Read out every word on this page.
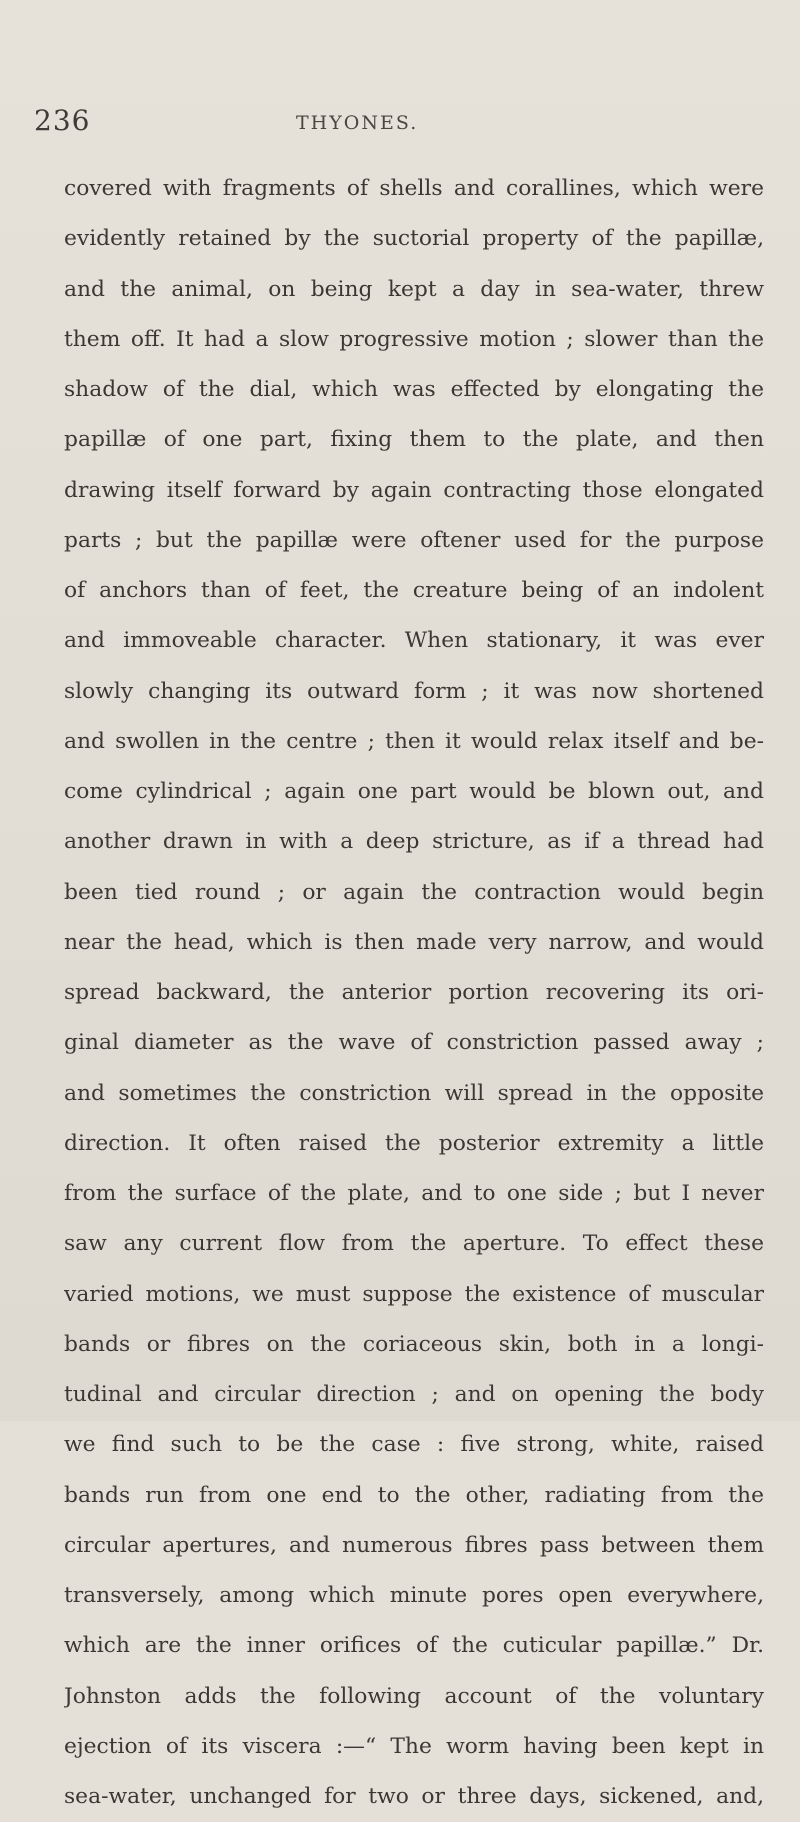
236	THYONES.
covered with fragments of shells and corallines, which were
evidently retained by the suctorial property of the papillæ,
and the animal, on being kept a day in sea-water, threw
them off. It had a slow progressive motion ; slower than the
shadow of the dial, which was effected by elongating the
papillæ of one part, fixing them to the plate, and then
drawing itself forward by again contracting those elongated
parts ; but the papillæ were oftener used for the purpose
of anchors than of feet, the creature being of an indolent
and immoveable character. When stationary, it was ever
slowly changing its outward form ; it was now shortened
and swollen in the centre ; then it would relax itself and be-
come cylindrical ; again one part would be blown out, and
another drawn in with a deep stricture, as if a thread had
been tied round ; or again the contraction would begin
near the head, which is then made very narrow, and would
spread backward, the anterior portion recovering its ori-
ginal diameter as the wave of constriction passed away ;
and sometimes the constriction will spread in the opposite
direction. It often raised the posterior extremity a little
from the surface of the plate, and to one side ; but I never
saw any current flow from the aperture. To effect these
varied motions, we must suppose the existence of muscular
bands or fibres on the coriaceous skin, both in a longi-
tudinal and circular direction ; and on opening the body
we find such to be the case : five strong, white, raised
bands run from one end to the other, radiating from the
circular apertures, and numerous fibres pass between them
transversely, among which minute pores open everywhere,
which are the inner orifices of the cuticular papillæ.” Dr.
Johnston adds the following account of the voluntary
ejection of its viscera :—“ The worm having been kept in
sea-water, unchanged for two or three days, sickened, and,
